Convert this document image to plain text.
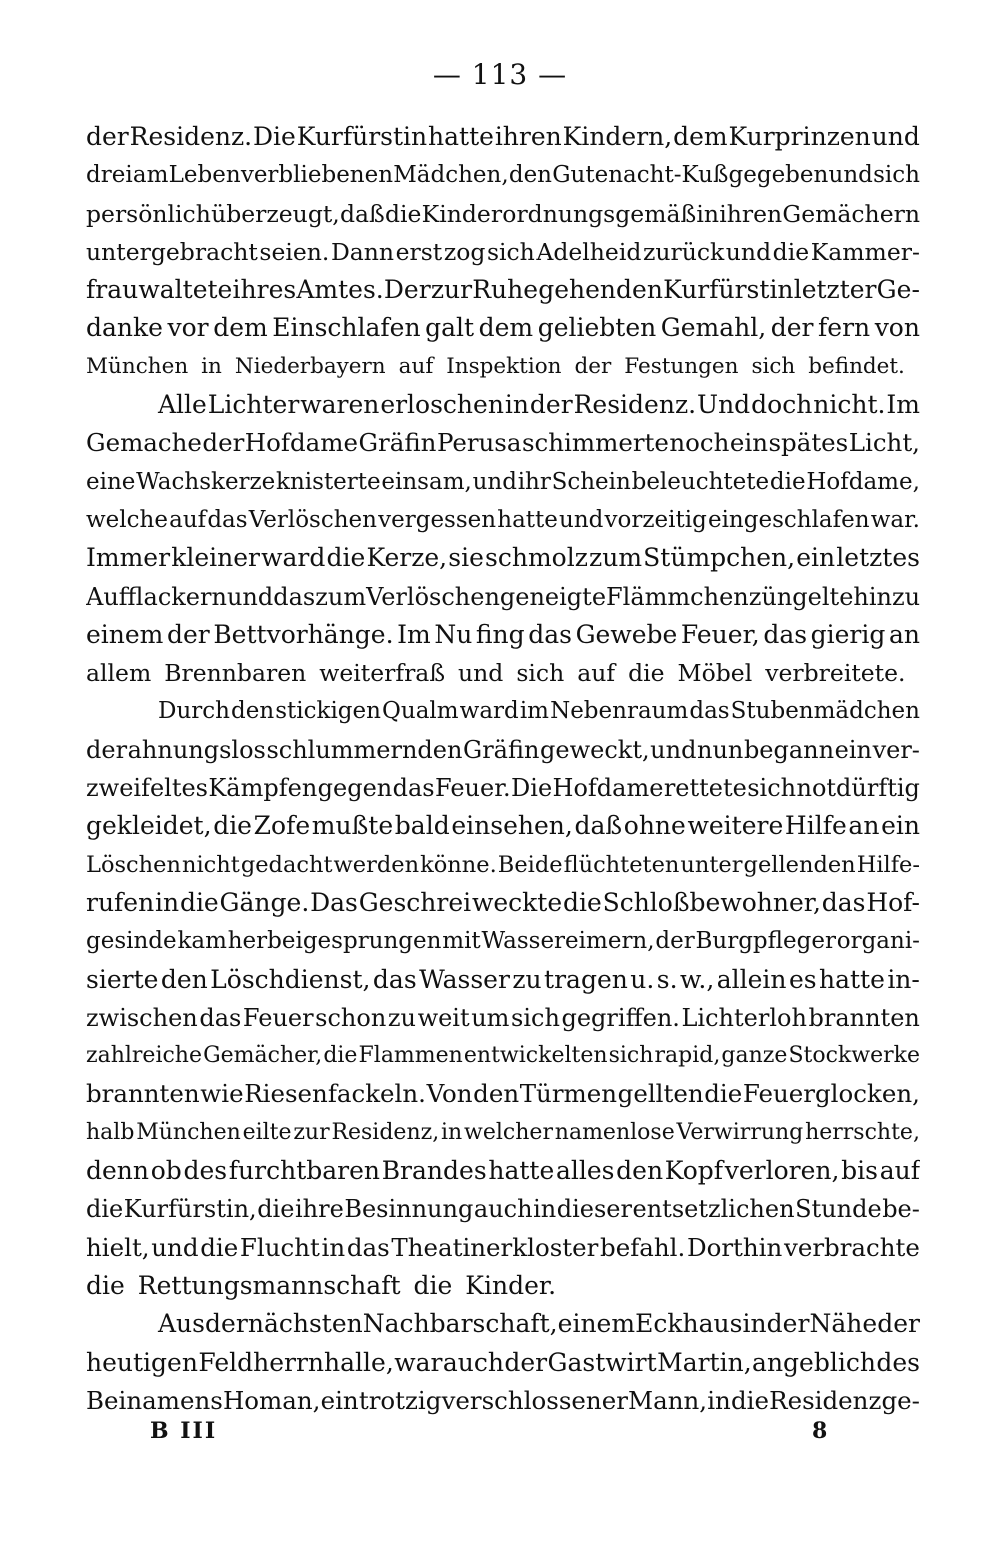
— 113 —
der Residenz. Die Kurfürstin hatte ihren Kindern, dem Kurprinzen und
drei am Leben verbliebenen Mädchen, den Gutenacht-Kuß gegeben und sich
persönlich überzeugt, daß die Kinder ordnungsgemäß in ihren Gemächern
untergebracht seien. Dann erst zog sich Adelheid zurück und die Kammer-
frau waltete ihres Amtes. Der zur Ruhe gehenden Kurfürstin letzter Ge-
danke vor dem Einschlafen galt dem geliebten Gemahl, der fern von
München in Niederbayern auf Inspektion der Festungen sich befindet.
Alle Lichter waren erloschen in der Residenz. Und doch nicht. Im
Gemache der Hofdame Gräfin Perusa schimmerte noch ein spätes Licht,
eine Wachskerze knisterte einsam, und ihr Schein beleuchtete die Hofdame,
welche auf das Verlöschen vergessen hatte und vorzeitig eingeschlafen war.
Immer kleiner ward die Kerze, sie schmolz zum Stümpchen, ein letztes
Aufflackern und das zum Verlöschen geneigte Flämmchen züngelte hin zu
einem der Bettvorhänge. Im Nu fing das Gewebe Feuer, das gierig an
allem Brennbaren weiterfraß und sich auf die Möbel verbreitete.
Durch den stickigen Qualm ward im Nebenraum das Stubenmädchen
der ahnungslos schlummernden Gräfin geweckt, und nun begann ein ver-
zweifeltes Kämpfen gegen das Feuer. Die Hofdame rettete sich notdürftig
gekleidet, die Zofe mußte bald einsehen, daß ohne weitere Hilfe an ein
Löschen nicht gedacht werden könne. Beide flüchteten unter gellenden Hilfe-
rufen in die Gänge. Das Geschrei weckte die Schloßbewohner, das Hof-
gesinde kam herbeigesprungen mit Wassereimern, der Burgpfleger organi-
sierte den Löschdienst, das Wasser zu tragen u. s. w., allein es hatte in-
zwischen das Feuer schon zu weit um sich gegriffen. Lichterloh brannten
zahlreiche Gemächer, die Flammen entwickelten sich rapid, ganze Stockwerke
brannten wie Riesenfackeln. Von den Türmen gellten die Feuerglocken,
halb München eilte zur Residenz, in welcher namenlose Verwirrung herrschte,
denn ob des furchtbaren Brandes hatte alles den Kopf verloren, bis auf
die Kurfürstin, die ihre Besinnung auch in dieser entsetzlichen Stunde be-
hielt, und die Flucht in das Theatinerkloster befahl. Dorthin verbrachte
die Rettungsmannschaft die Kinder.
Aus der nächsten Nachbarschaft, einem Eckhaus in der Nähe der
heutigen Feldherrnhalle, war auch der Gastwirt Martin, angeblich des
Beinamens Homan, ein trotzig verschlossener Mann, in die Residenz ge-
B III	8
